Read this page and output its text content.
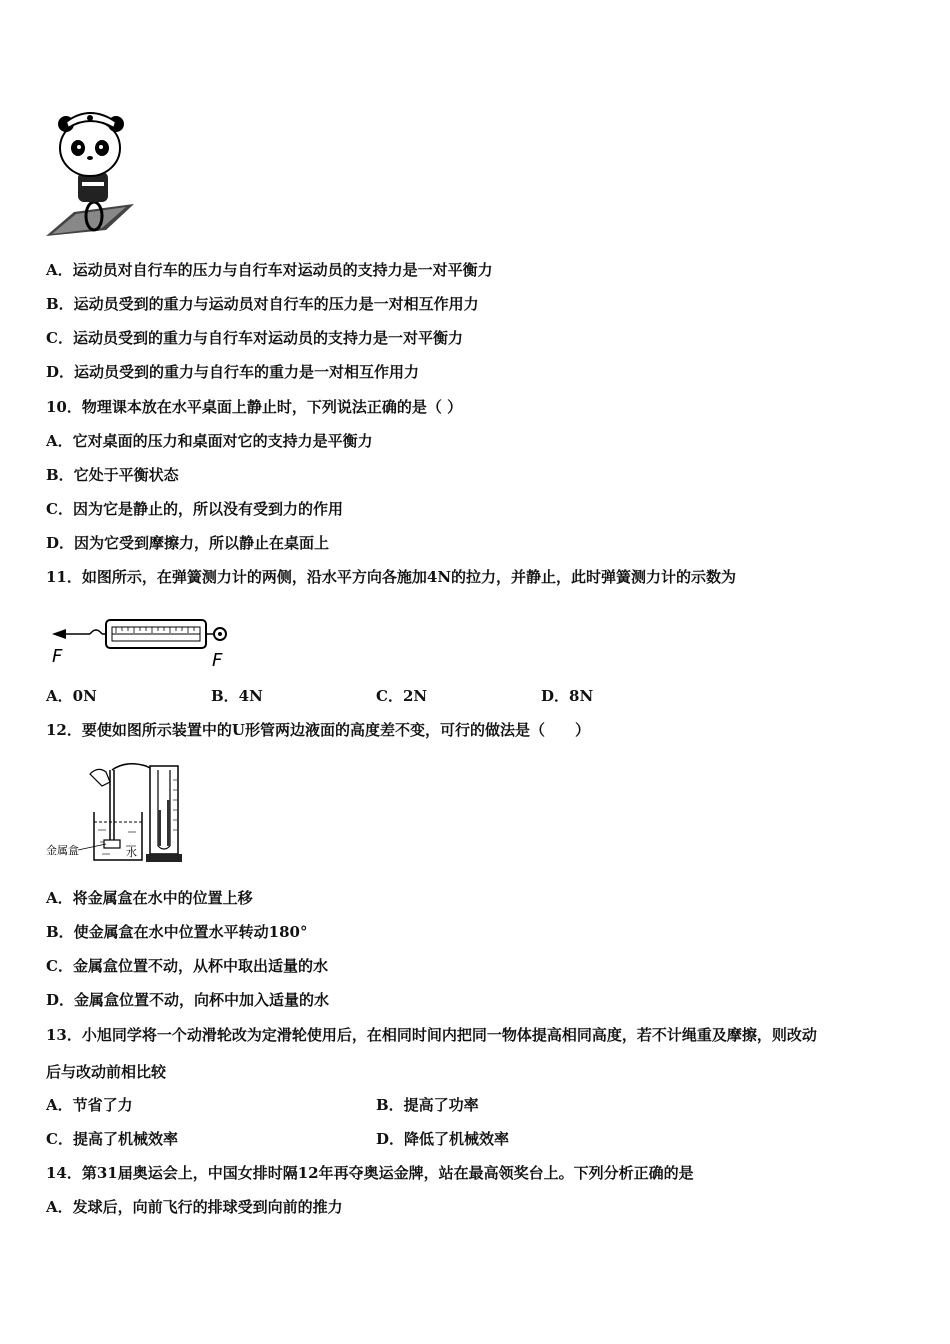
A．运动员对自行车的压力与自行车对运动员的支持力是一对平衡力
B．运动员受到的重力与运动员对自行车的压力是一对相互作用力
C．运动员受到的重力与自行车对运动员的支持力是一对平衡力
D．运动员受到的重力与自行车的重力是一对相互作用力
10．物理课本放在水平桌面上静止时，下列说法正确的是（ ）
A．它对桌面的压力和桌面对它的支持力是平衡力
B．它处于平衡状态
C．因为它是静止的，所以没有受到力的作用
D．因为它受到摩擦力，所以静止在桌面上
11．如图所示，在弹簧测力计的两侧，沿水平方向各施加4N的拉力，并静止，此时弹簧测力计的示数为
F	F
A．0N	B．4N	C．2N	D．8N
12．要使如图所示装置中的U形管两边液面的高度差不变，可行的做法是（　　）
金属盒	水
A．将金属盒在水中的位置上移
B．使金属盒在水中位置水平转动180°
C．金属盒位置不动，从杯中取出适量的水
D．金属盒位置不动，向杯中加入适量的水
13．小旭同学将一个动滑轮改为定滑轮使用后，在相同时间内把同一物体提高相同高度，若不计绳重及摩擦，则改动
后与改动前相比较
A．节省了力	B．提高了功率
C．提高了机械效率	D．降低了机械效率
14．第31届奥运会上，中国女排时隔12年再夺奥运金牌，站在最高领奖台上。下列分析正确的是
A．发球后，向前飞行的排球受到向前的推力
